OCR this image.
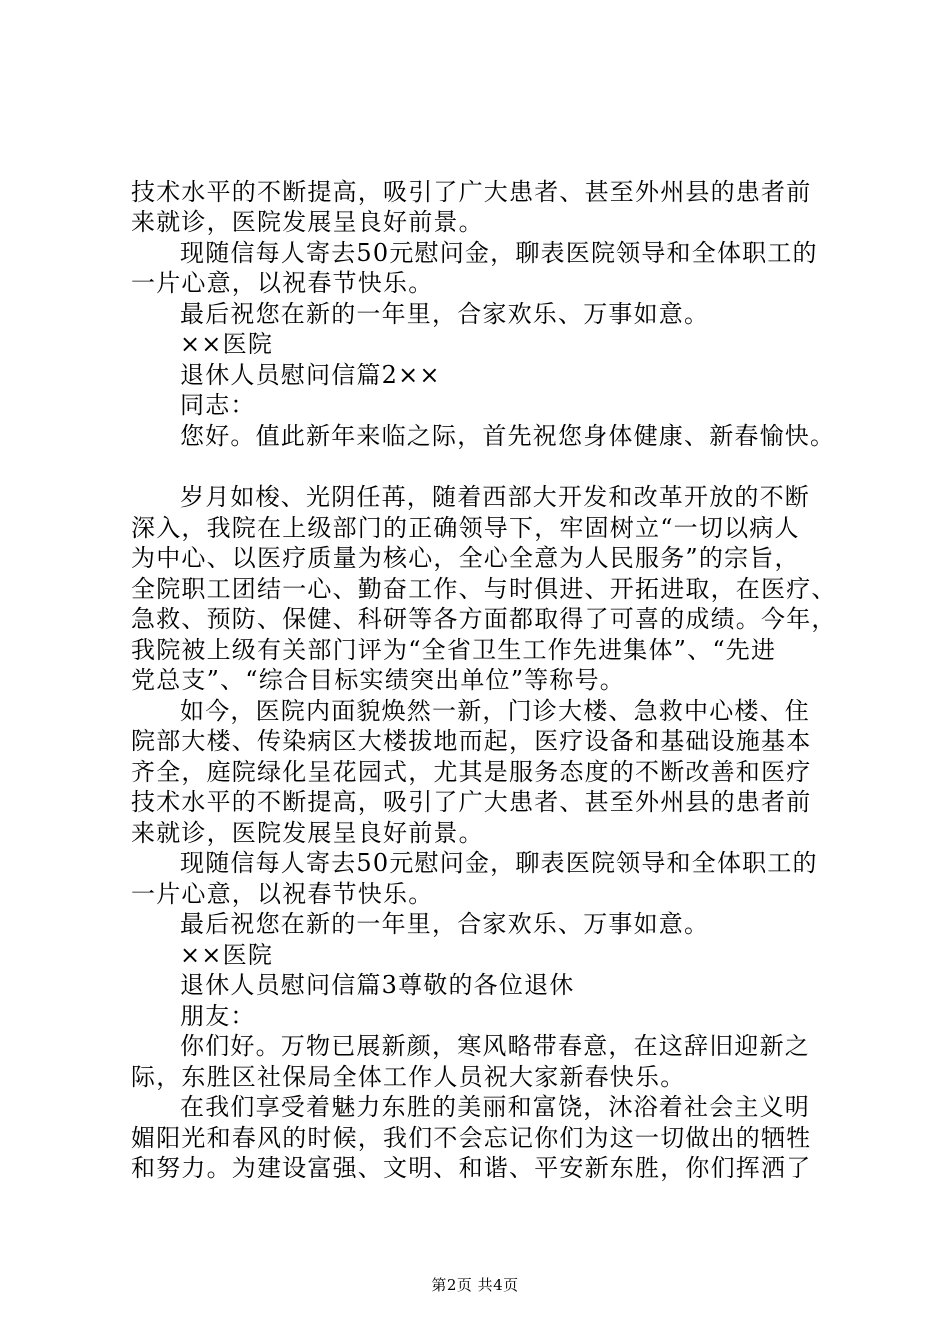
技术水平的不断提高，吸引了广大患者、甚至外州县的患者前
来就诊，医院发展呈良好前景。
现随信每人寄去50元慰问金，聊表医院领导和全体职工的
一片心意，以祝春节快乐。
最后祝您在新的一年里，合家欢乐、万事如意。
××医院
退休人员慰问信篇2××
同志：
您好。值此新年来临之际，首先祝您身体健康、新春愉快。
岁月如梭、光阴任苒，随着西部大开发和改革开放的不断
深入，我院在上级部门的正确领导下，牢固树立“一切以病人
为中心、以医疗质量为核心，全心全意为人民服务”的宗旨，
全院职工团结一心、勤奋工作、与时俱进、开拓进取，在医疗、
急救、预防、保健、科研等各方面都取得了可喜的成绩。今年，
我院被上级有关部门评为“全省卫生工作先进集体”、“先进
党总支”、“综合目标实绩突出单位”等称号。
如今，医院内面貌焕然一新，门诊大楼、急救中心楼、住
院部大楼、传染病区大楼拔地而起，医疗设备和基础设施基本
齐全，庭院绿化呈花园式，尤其是服务态度的不断改善和医疗
技术水平的不断提高，吸引了广大患者、甚至外州县的患者前
来就诊，医院发展呈良好前景。
现随信每人寄去50元慰问金，聊表医院领导和全体职工的
一片心意，以祝春节快乐。
最后祝您在新的一年里，合家欢乐、万事如意。
××医院
退休人员慰问信篇3尊敬的各位退休
朋友：
你们好。万物已展新颜，寒风略带春意，在这辞旧迎新之
际，东胜区社保局全体工作人员祝大家新春快乐。
在我们享受着魅力东胜的美丽和富饶，沐浴着社会主义明
媚阳光和春风的时候，我们不会忘记你们为这一切做出的牺牲
和努力。为建设富强、文明、和谐、平安新东胜，你们挥洒了
第2页 共4页
